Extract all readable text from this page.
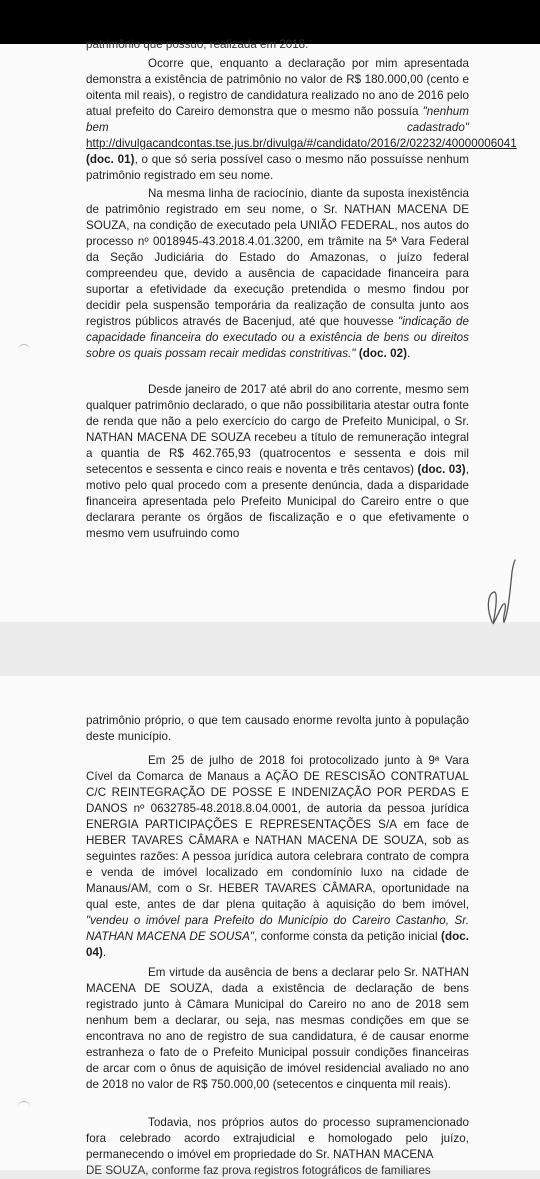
patrimônio que possuo, realizada em 2018.

Ocorre que, enquanto a declaração por mim apresentada demonstra a existência de patrimônio no valor de R$ 180.000,00 (cento e oitenta mil reais), o registro de candidatura realizado no ano de 2016 pelo atual prefeito do Careiro demonstra que o mesmo não possuía "nenhum bem cadastrado" http://divulgacandcontas.tse.jus.br/divulga/#/candidato/2016/2/02232/40000006041 (doc. 01), o que só seria possível caso o mesmo não possuísse nenhum patrimônio registrado em seu nome.

Na mesma linha de raciocínio, diante da suposta inexistência de patrimônio registrado em seu nome, o Sr. NATHAN MACENA DE SOUZA, na condição de executado pela UNIÃO FEDERAL, nos autos do processo nº 0018945-43.2018.4.01.3200, em trâmite na 5ª Vara Federal da Seção Judiciária do Estado do Amazonas, o juízo federal compreendeu que, devido a ausência de capacidade financeira para suportar a efetividade da execução pretendida o mesmo findou por decidir pela suspensão temporária da realização de consulta junto aos registros públicos através de Bacenjud, até que houvesse "indicação de capacidade financeira do executado ou a existência de bens ou direitos sobre os quais possam recair medidas constritivas." (doc. 02).

Desde janeiro de 2017 até abril do ano corrente, mesmo sem qualquer patrimônio declarado, o que não possibilitaria atestar outra fonte de renda que não a pelo exercício do cargo de Prefeito Municipal, o Sr. NATHAN MACENA DE SOUZA recebeu a título de remuneração integral a quantia de R$ 462.765,93 (quatrocentos e sessenta e dois mil setecentos e sessenta e cinco reais e noventa e três centavos) (doc. 03), motivo pelo qual procedo com a presente denúncia, dada a disparidade financeira apresentada pelo Prefeito Municipal do Careiro entre o que declarara perante os órgãos de fiscalização e o que efetivamente o mesmo vem usufruindo como

patrimônio próprio, o que tem causado enorme revolta junto à população deste município.

Em 25 de julho de 2018 foi protocolizado junto à 9ª Vara Cível da Comarca de Manaus a AÇÃO DE RESCISÃO CONTRATUAL C/C REINTEGRAÇÃO DE POSSE E INDENIZAÇÃO POR PERDAS E DANOS nº 0632785-48.2018.8.04.0001, de autoria da pessoa jurídica ENERGIA PARTICIPAÇÕES E REPRESENTAÇÕES S/A em face de HEBER TAVARES CÂMARA e NATHAN MACENA DE SOUZA, sob as seguintes razões: A pessoa jurídica autora celebrara contrato de compra e venda de imóvel localizado em condomínio luxo na cidade de Manaus/AM, com o Sr. HEBER TAVARES CÂMARA, oportunidade na qual este, antes de dar plena quitação à aquisição do bem imóvel, "vendeu o imóvel para Prefeito do Município do Careiro Castanho, Sr. NATHAN MACENA DE SOUSA", conforme consta da petição inicial (doc. 04).

Em virtude da ausência de bens a declarar pelo Sr. NATHAN MACENA DE SOUZA, dada a existência de declaração de bens registrado junto à Câmara Municipal do Careiro no ano de 2018 sem nenhum bem a declarar, ou seja, nas mesmas condições em que se encontrava no ano de registro de sua candidatura, é de causar enorme estranheza o fato de o Prefeito Municipal possuir condições financeiras de arcar com o ônus de aquisição de imóvel residencial avaliado no ano de 2018 no valor de R$ 750.000,00 (setecentos e cinquenta mil reais).

Todavia, nos próprios autos do processo supramencionado fora celebrado acordo extrajudicial e homologado pelo juízo, permanecendo o imóvel em propriedade do Sr. NATHAN MACENA

DE SOUZA, conforme faz prova registros fotográficos de familiares
